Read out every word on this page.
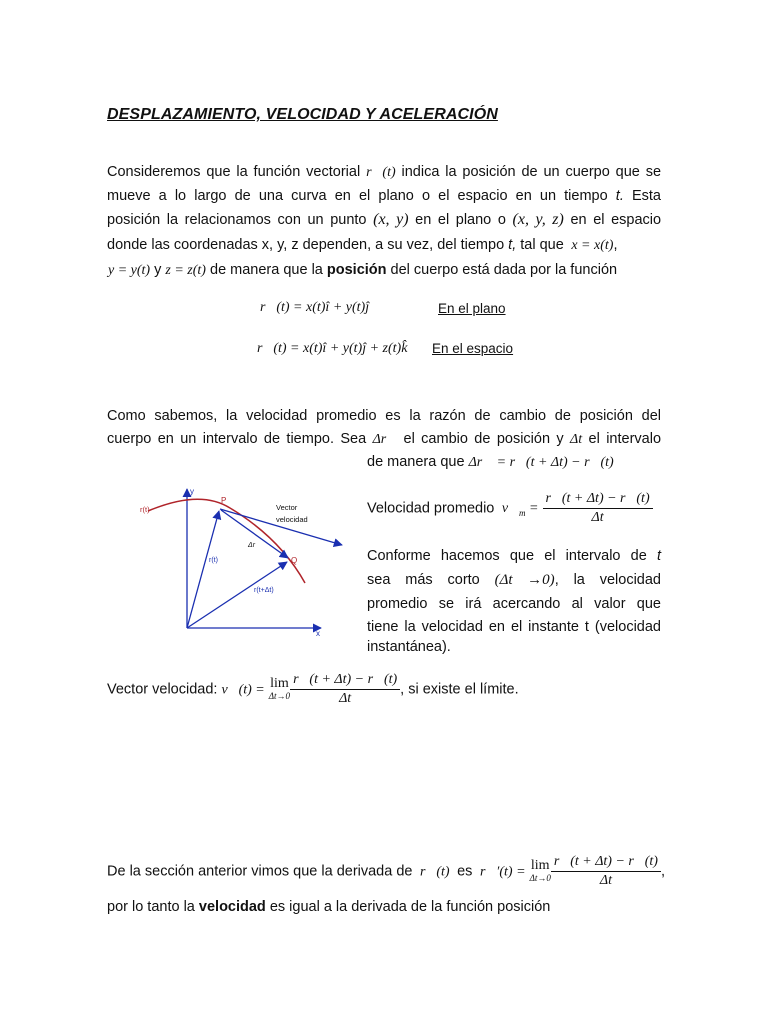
DESPLAZAMIENTO, VELOCIDAD Y ACELERACIÓN
Consideremos que la función vectorial r⃗(t) indica la posición de un cuerpo que se
mueve a lo largo de una curva en el plano o el espacio en un tiempo t. Esta
posición la relacionamos con un punto (x, y) en el plano o (x, y, z) en el espacio
donde las coordenadas x, y, z dependen, a su vez, del tiempo t, tal que  x = x(t),
y = y(t) y z = z(t) de manera que la posición del cuerpo está dada por la función
r⃗(t) = x(t)î + y(t)ĵ	En el plano
r⃗(t) = x(t)î + y(t)ĵ + z(t)k̂ En el espacio
Como sabemos, la velocidad promedio es la razón de cambio de posición del
cuerpo en un intervalo de tiempo. Sea Δr⃗ el cambio de posición y Δt el intervalo
de manera que Δr⃗ = r⃗(t + Δt) − r⃗(t)
y
x
P
Q
r(t)
r(t)
r(t+Δt)
Δr
Vector
velocidad
Velocidad promedio  $v⃗_m = \frac{r⃗(t + \Delta t) - r⃗(t)}{\Delta t}$
Conforme hacemos que el intervalo de t
sea más corto (Δt →0), la velocidad
promedio se irá acercando al valor que
tiene la velocidad en el instante t (velocidad
instantánea).
Vector velocidad: v⃗(t) = lim
$\Delta t\to 0 \frac{r⃗(t + \Delta t) - r⃗(t)}{\Delta t}$ , si existe el límite.
De la sección anterior vimos que la derivada de  r⃗(t)  es  r⃗′(t) = lim
$\Delta t\to 0 \frac{r⃗(t + \Delta t) - r⃗(t)}{\Delta t}$ ,
por lo tanto la velocidad es igual a la derivada de la función posición
